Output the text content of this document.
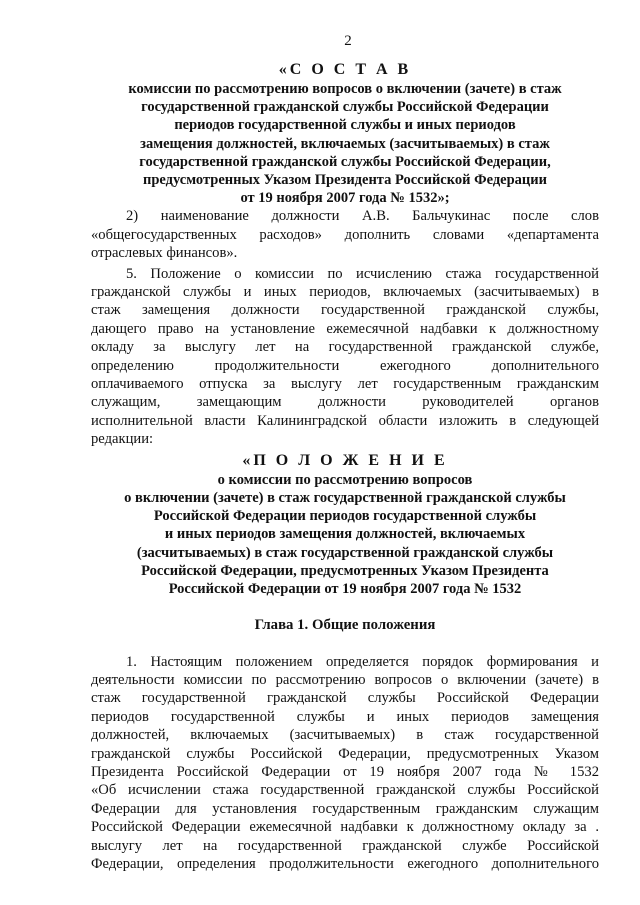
2
«С О С Т А В
комиссии по рассмотрению вопросов о включении (зачете) в стаж
государственной гражданской службы Российской Федерации
периодов государственной службы и иных периодов
замещения должностей, включаемых (засчитываемых) в стаж
государственной гражданской службы Российской Федерации,
предусмотренных Указом Президента Российской Федерации
от 19 ноября 2007 года № 1532»;
2) наименование должности А.В. Бальчукинас после слов
«общегосударственных расходов» дополнить словами «департамента
отраслевых финансов».
5. Положение о комиссии по исчислению стажа государственной
гражданской службы и иных периодов, включаемых (засчитываемых) в
стаж замещения должности государственной гражданской службы,
дающего право на установление ежемесячной надбавки к должностному
окладу за выслугу лет на государственной гражданской службе,
определению продолжительности ежегодного дополнительного
оплачиваемого отпуска за выслугу лет государственным гражданским
служащим, замещающим должности руководителей органов
исполнительной власти Калининградской области изложить в следующей
редакции:
«П О Л О Ж Е Н И Е
о комиссии по рассмотрению вопросов
о включении (зачете) в стаж государственной гражданской службы
Российской Федерации периодов государственной службы
и иных периодов замещения должностей, включаемых
(засчитываемых) в стаж государственной гражданской службы
Российской Федерации, предусмотренных Указом Президента
Российской Федерации от 19 ноября 2007 года № 1532
Глава 1. Общие положения
1. Настоящим положением определяется порядок формирования и
деятельности комиссии по рассмотрению вопросов о включении (зачете) в
стаж государственной гражданской службы Российской Федерации
периодов государственной службы и иных периодов замещения
должностей, включаемых (засчитываемых) в стаж государственной
гражданской службы Российской Федерации, предусмотренных Указом
Президента Российской Федерации от 19 ноября 2007 года № 1532
«Об исчислении стажа государственной гражданской службы Российской
Федерации для установления государственным гражданским служащим
Российской Федерации ежемесячной надбавки к должностному окладу за .
выслугу лет на государственной гражданской службе Российской
Федерации, определения продолжительности ежегодного дополнительного
